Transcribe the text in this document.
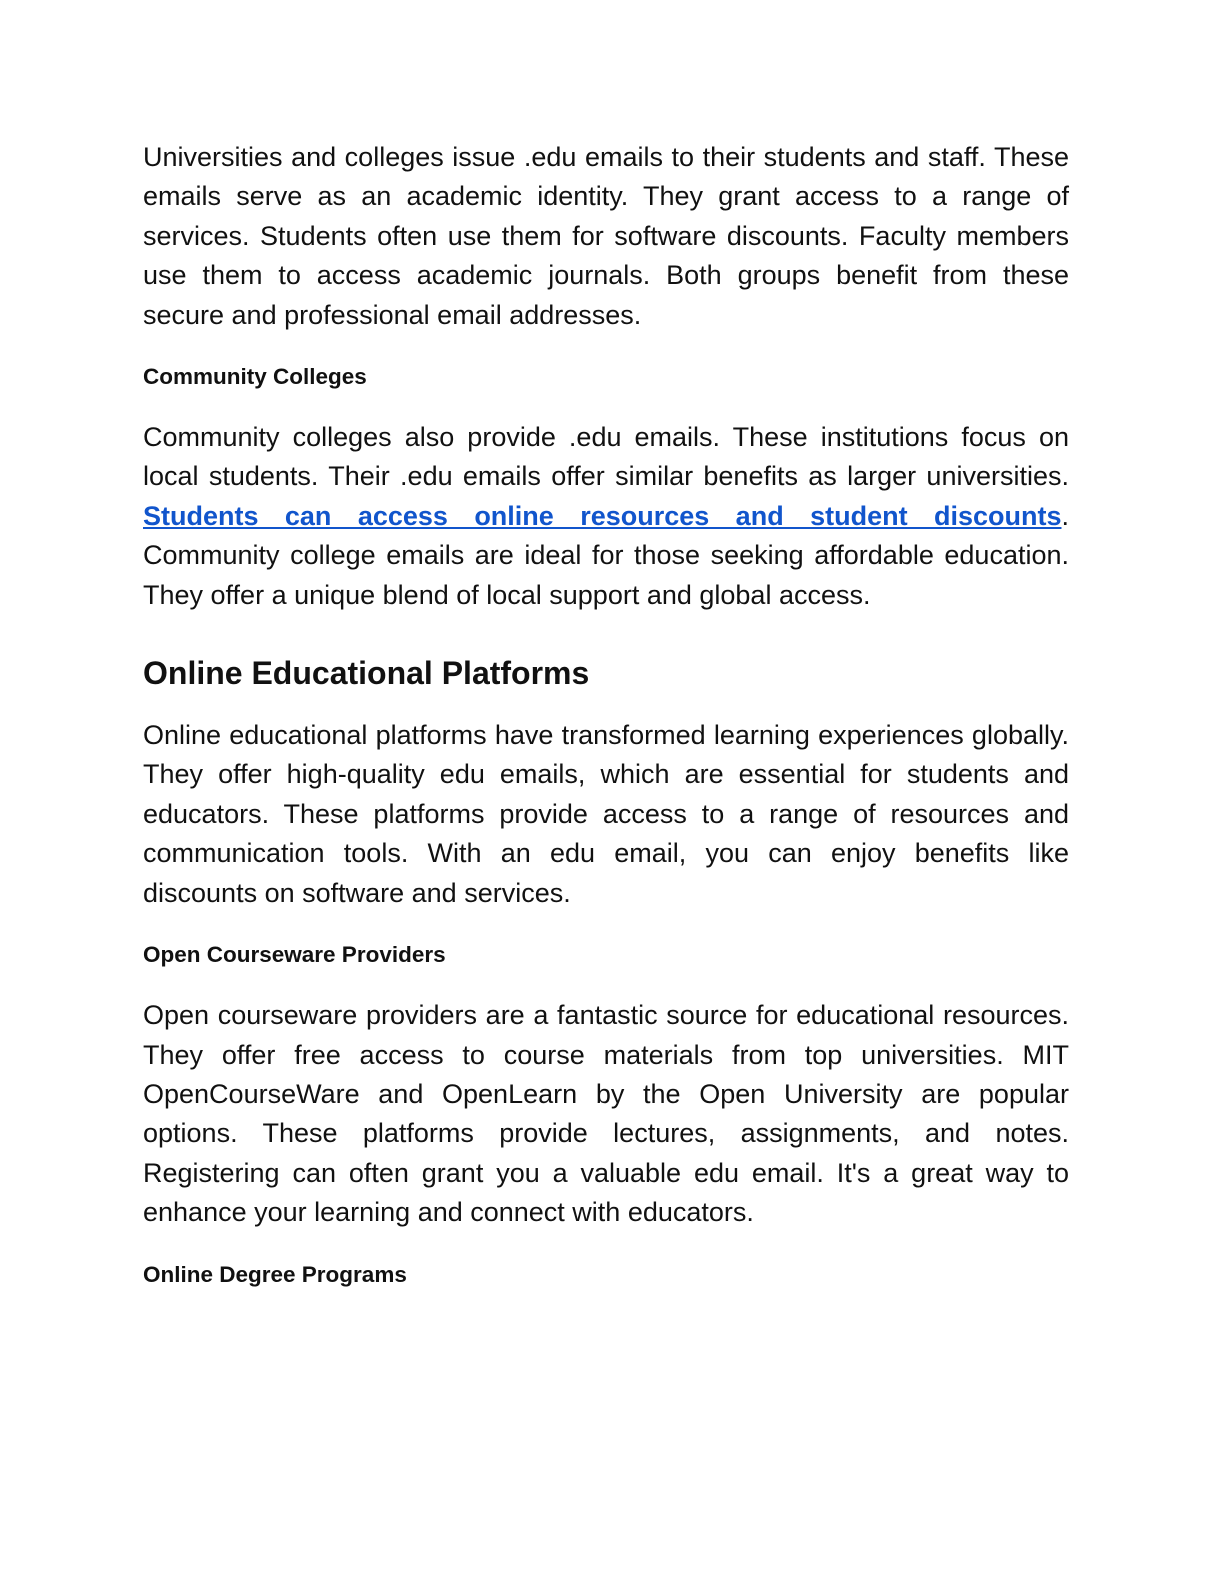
Universities and colleges issue .edu emails to their students and staff. These emails serve as an academic identity. They grant access to a range of services. Students often use them for software discounts. Faculty members use them to access academic journals. Both groups benefit from these secure and professional email addresses.

Community Colleges

Community colleges also provide .edu emails. These institutions focus on local students. Their .edu emails offer similar benefits as larger universities. Students can access online resources and student discounts. Community college emails are ideal for those seeking affordable education. They offer a unique blend of local support and global access.

Online Educational Platforms

Online educational platforms have transformed learning experiences globally. They offer high-quality edu emails, which are essential for students and educators. These platforms provide access to a range of resources and communication tools. With an edu email, you can enjoy benefits like discounts on software and services.

Open Courseware Providers

Open courseware providers are a fantastic source for educational resources. They offer free access to course materials from top universities. MIT OpenCourseWare and OpenLearn by the Open University are popular options. These platforms provide lectures, assignments, and notes. Registering can often grant you a valuable edu email. It's a great way to enhance your learning and connect with educators.

Online Degree Programs
